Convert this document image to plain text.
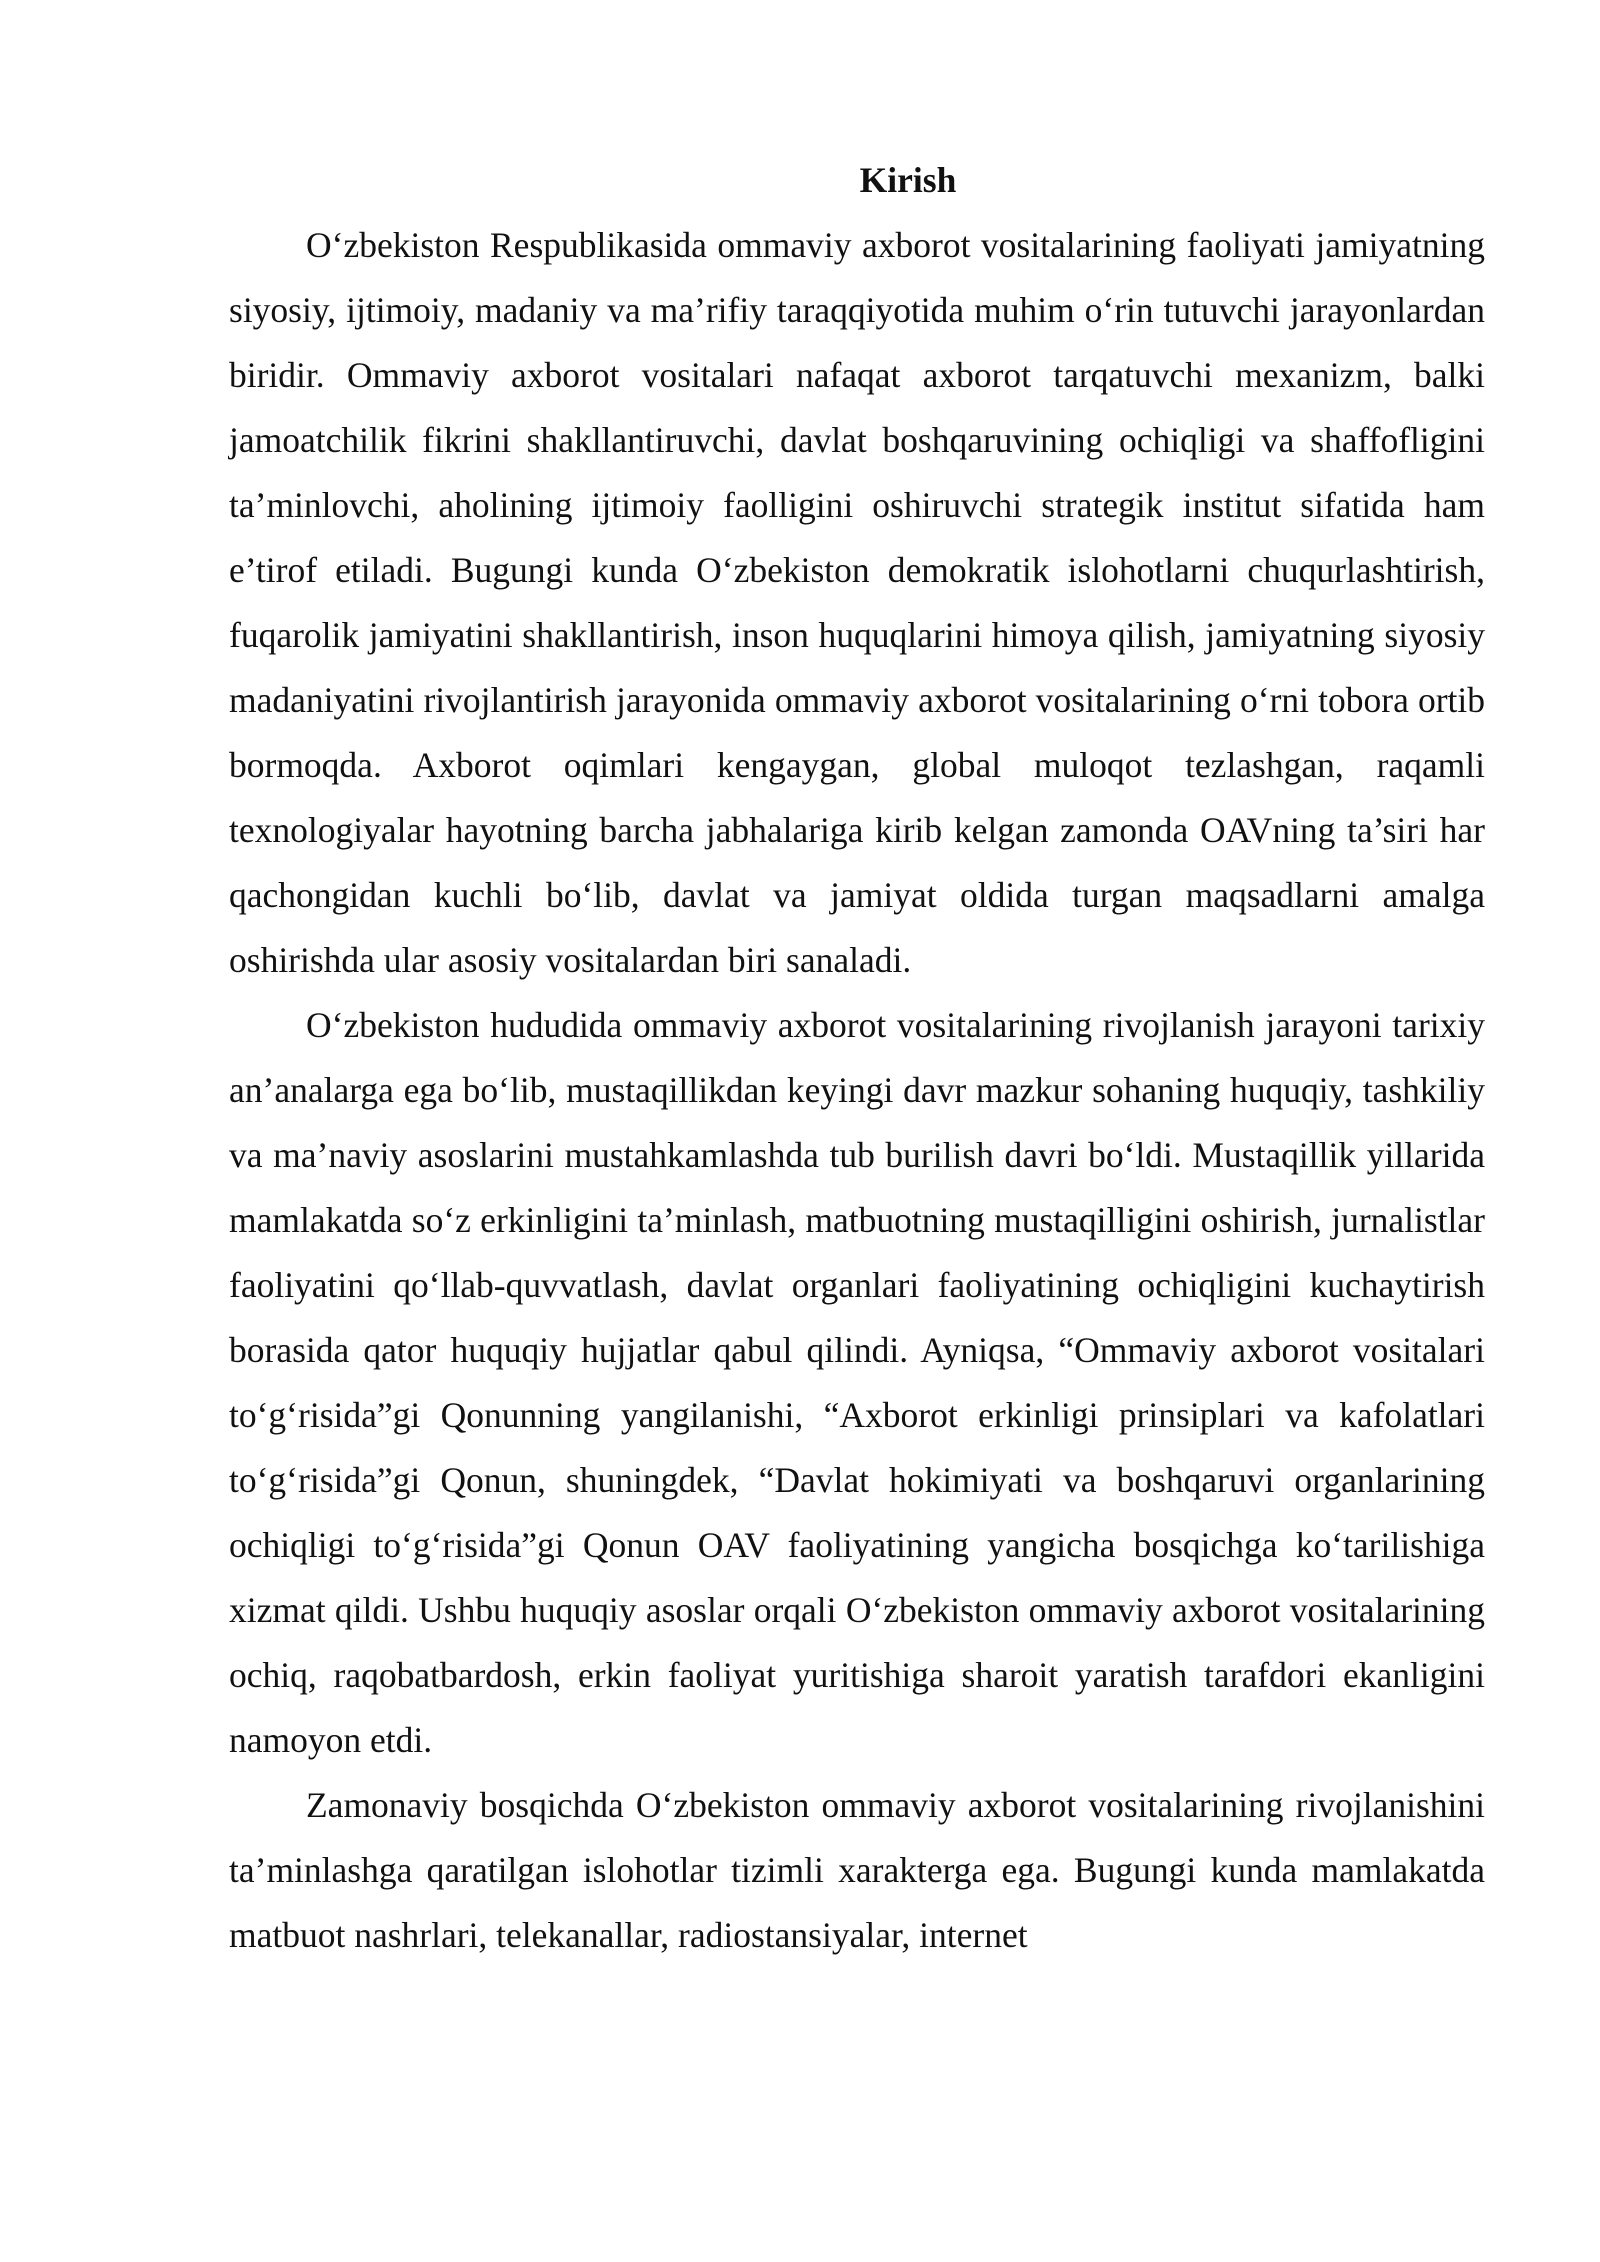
Kirish

O‘zbekiston Respublikasida ommaviy axborot vositalarining faoliyati jamiyatning siyosiy, ijtimoiy, madaniy va ma’rifiy taraqqiyotida muhim o‘rin tutuvchi jarayonlardan biridir. Ommaviy axborot vositalari nafaqat axborot tarqatuvchi mexanizm, balki jamoatchilik fikrini shakllantiruvchi, davlat boshqaruvining ochiqligi va shaffofligini ta’minlovchi, aholining ijtimoiy faolligini oshiruvchi strategik institut sifatida ham e’tirof etiladi. Bugungi kunda O‘zbekiston demokratik islohotlarni chuqurlashtirish, fuqarolik jamiyatini shakllantirish, inson huquqlarini himoya qilish, jamiyatning siyosiy madaniyatini rivojlantirish jarayonida ommaviy axborot vositalarining o‘rni tobora ortib bormoqda. Axborot oqimlari kengaygan, global muloqot tezlashgan, raqamli texnologiyalar hayotning barcha jabhalariga kirib kelgan zamonda OAVning ta’siri har qachongidan kuchli bo‘lib, davlat va jamiyat oldida turgan maqsadlarni amalga oshirishda ular asosiy vositalardan biri sanaladi.

O‘zbekiston hududida ommaviy axborot vositalarining rivojlanish jarayoni tarixiy an’analarga ega bo‘lib, mustaqillikdan keyingi davr mazkur sohaning huquqiy, tashkiliy va ma’naviy asoslarini mustahkamlashda tub burilish davri bo‘ldi. Mustaqillik yillarida mamlakatda so‘z erkinligini ta’minlash, matbuotning mustaqilligini oshirish, jurnalistlar faoliyatini qo‘llab-quvvatlash, davlat organlari faoliyatining ochiqligini kuchaytirish borasida qator huquqiy hujjatlar qabul qilindi. Ayniqsa, “Ommaviy axborot vositalari to‘g‘risida”gi Qonunning yangilanishi, “Axborot erkinligi prinsiplari va kafolatlari to‘g‘risida”gi Qonun, shuningdek, “Davlat hokimiyati va boshqaruvi organlarining ochiqligi to‘g‘risida”gi Qonun OAV faoliyatining yangicha bosqichga ko‘tarilishiga xizmat qildi. Ushbu huquqiy asoslar orqali O‘zbekiston ommaviy axborot vositalarining ochiq, raqobatbardosh, erkin faoliyat yuritishiga sharoit yaratish tarafdori ekanligini namoyon etdi.

Zamonaviy bosqichda O‘zbekiston ommaviy axborot vositalarining rivojlanishini ta’minlashga qaratilgan islohotlar tizimli xarakterga ega. Bugungi kunda mamlakatda matbuot nashrlari, telekanallar, radiostansiyalar, internet
